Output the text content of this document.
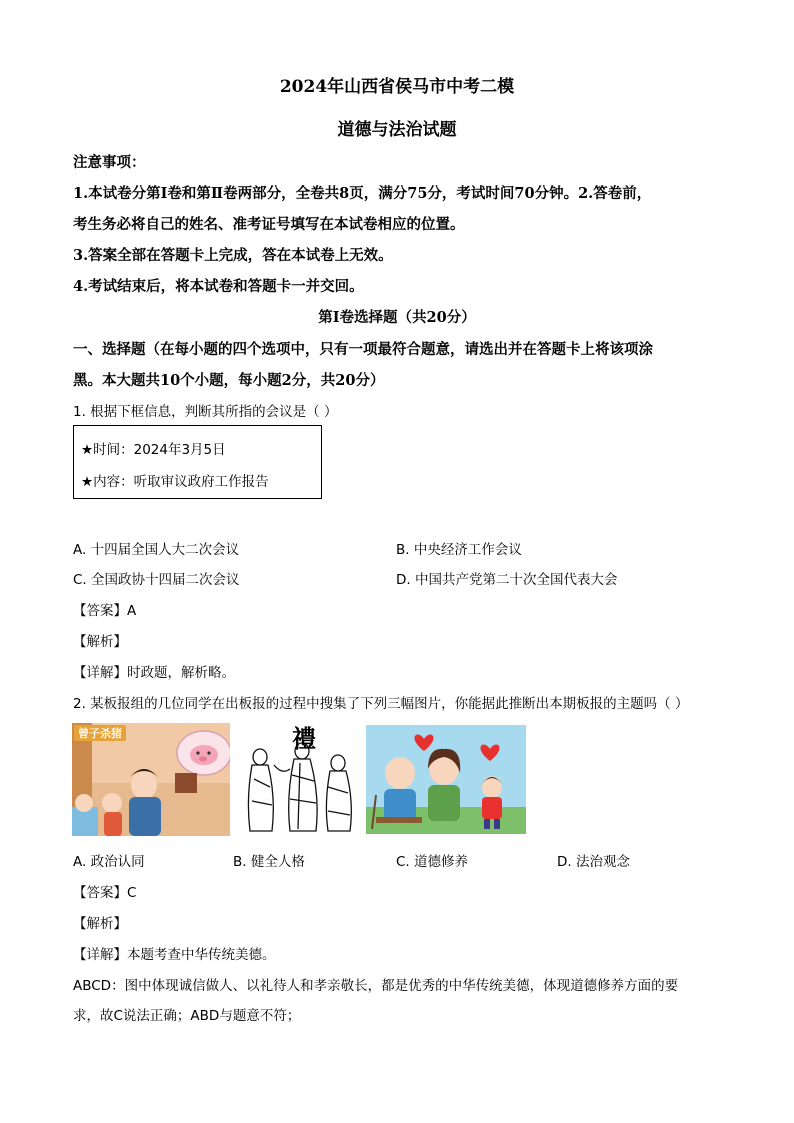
2024年山西省侯马市中考二模
道德与法治试题
注意事项：
1.本试卷分第Ⅰ卷和第Ⅱ卷两部分，全卷共8页，满分75分，考试时间70分钟。2.答卷前，
考生务必将自己的姓名、准考证号填写在本试卷相应的位置。
3.答案全部在答题卡上完成，答在本试卷上无效。
4.考试结束后，将本试卷和答题卡一并交回。
第Ⅰ卷选择题（共20分）
一、选择题（在每小题的四个选项中，只有一项最符合题意，请选出并在答题卡上将该项涂
黑。本大题共10个小题，每小题2分，共20分）
1. 根据下框信息，判断其所指的会议是（ ）
★时间：2024年3月5日
★内容：听取审议政府工作报告
A. 十四届全国人大二次会议	B. 中央经济工作会议
C. 全国政协十四届二次会议	D. 中国共产党第二十次全国代表大会
【答案】A
【解析】
【详解】时政题，解析略。
2. 某板报组的几位同学在出板报的过程中搜集了下列三幅图片，你能据此推断出本期板报的主题吗（ ）
曾子杀猪	禮
A. 政治认同	B. 健全人格	C. 道德修养	D. 法治观念
【答案】C
【解析】
【详解】本题考查中华传统美德。
ABCD：图中体现诚信做人、以礼待人和孝亲敬长，都是优秀的中华传统美德，体现道德修养方面的要
求，故C说法正确；ABD与题意不符；
